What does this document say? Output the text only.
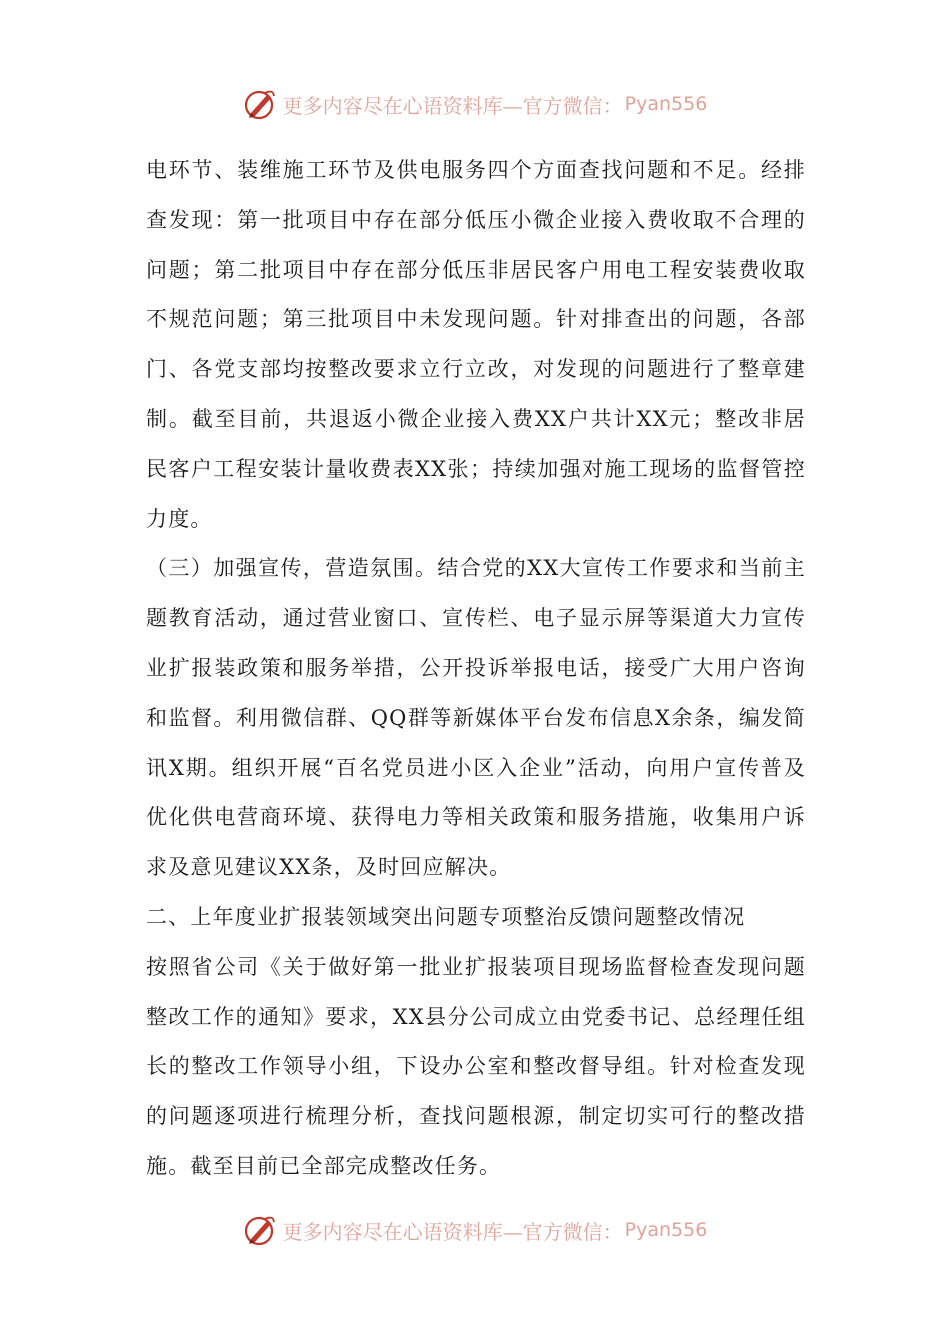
更多内容尽在心语资料库—官方微信： Pyan556

电环节、装维施工环节及供电服务四个方面查找问题和不足。经排查发现：第一批项目中存在部分低压小微企业接入费收取不合理的问题；第二批项目中存在部分低压非居民客户用电工程安装费收取不规范问题；第三批项目中未发现问题。针对排查出的问题，各部门、各党支部均按整改要求立行立改，对发现的问题进行了整章建制。截至目前，共退返小微企业接入费XX户共计XX元；整改非居民客户工程安装计量收费表XX张；持续加强对施工现场的监督管控力度。

（三）加强宣传，营造氛围。结合党的XX大宣传工作要求和当前主题教育活动，通过营业窗口、宣传栏、电子显示屏等渠道大力宣传业扩报装政策和服务举措，公开投诉举报电话，接受广大用户咨询和监督。利用微信群、QQ群等新媒体平台发布信息X余条，编发简讯X期。组织开展“百名党员进小区入企业”活动，向用户宣传普及优化供电营商环境、获得电力等相关政策和服务措施，收集用户诉求及意见建议XX条，及时回应解决。

二、上年度业扩报装领域突出问题专项整治反馈问题整改情况

按照省公司《关于做好第一批业扩报装项目现场监督检查发现问题整改工作的通知》要求，XX县分公司成立由党委书记、总经理任组长的整改工作领导小组，下设办公室和整改督导组。针对检查发现的问题逐项进行梳理分析，查找问题根源，制定切实可行的整改措施。截至目前已全部完成整改任务。

更多内容尽在心语资料库—官方微信： Pyan556
